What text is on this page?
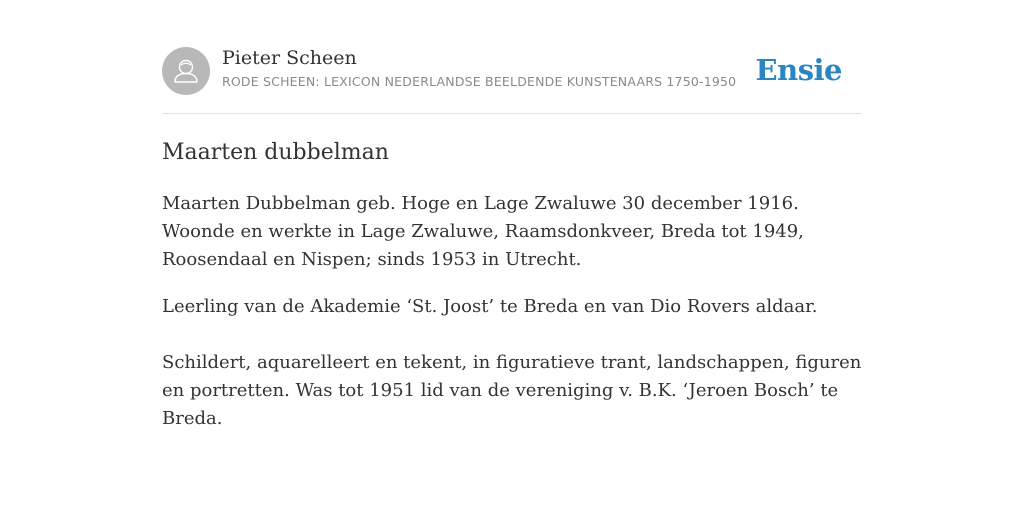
Pieter Scheen
RODE SCHEEN: LEXICON NEDERLANDSE BEELDENDE KUNSTENAARS 1750-1950 Ensie
Maarten dubbelman

Maarten Dubbelman geb. Hoge en Lage Zwaluwe 30 december 1916. Woonde en werkte in Lage Zwaluwe, Raamsdonkveer, Breda tot 1949, Roosendaal en Nispen; sinds 1953 in Utrecht.

Leerling van de Akademie ‘St. Joost’ te Breda en van Dio Rovers aldaar.

Schildert, aquarelleert en tekent, in figuratieve trant, landschappen, figuren en portretten. Was tot 1951 lid van de vereniging v. B.K. ‘Jeroen Bosch’ te Breda.
